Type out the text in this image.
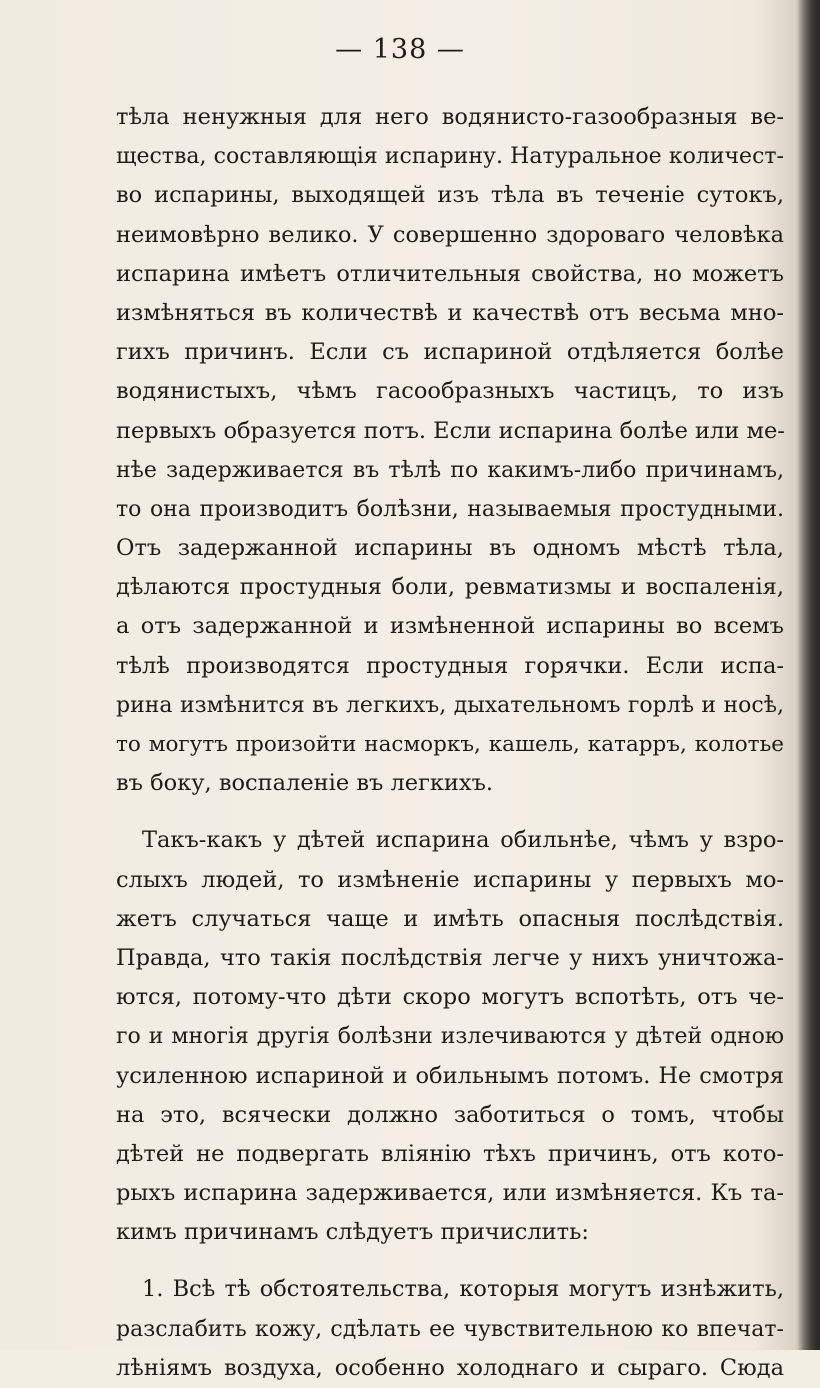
— 138 —
тѣла ненужныя для него водянисто-газообразныя ве-
щества, составляющія испарину. Натуральное количест-
во испарины, выходящей изъ тѣла въ теченіе сутокъ,
неимовѣрно велико. У совершенно здороваго человѣка
испарина имѣетъ отличительныя свойства, но можетъ
измѣняться въ количествѣ и качествѣ отъ весьма мно-
гихъ причинъ. Если съ испариной отдѣляется болѣе
водянистыхъ, чѣмъ гасообразныхъ частицъ, то изъ
первыхъ образуется потъ. Если испарина болѣе или ме-
нѣе задерживается въ тѣлѣ по какимъ-либо причинамъ,
то она производитъ болѣзни, называемыя простудными.
Отъ задержанной испарины въ одномъ мѣстѣ тѣла,
дѣлаются простудныя боли, ревматизмы и воспаленія,
а отъ задержанной и измѣненной испарины во всемъ
тѣлѣ производятся простудныя горячки. Если испа-
рина измѣнится въ легкихъ, дыхательномъ горлѣ и носѣ,
то могутъ произойти насморкъ, кашель, катарръ, колотье
въ боку, воспаленіе въ легкихъ.
Такъ-какъ у дѣтей испарина обильнѣе, чѣмъ у взро-
слыхъ людей, то измѣненіе испарины у первыхъ мо-
жетъ случаться чаще и имѣть опасныя послѣдствія.
Правда, что такія послѣдствія легче у нихъ уничтожа-
ются, потому-что дѣти скоро могутъ вспотѣть, отъ че-
го и многія другія болѣзни излечиваются у дѣтей одною
усиленною испариной и обильнымъ потомъ. Не смотря
на это, всячески должно заботиться о томъ, чтобы
дѣтей не подвергать вліянію тѣхъ причинъ, отъ кото-
рыхъ испарина задерживается, или измѣняется. Къ та-
кимъ причинамъ слѣдуетъ причислить:
1. Всѣ тѣ обстоятельства, которыя могутъ изнѣжить,
разслабить кожу, сдѣлать ее чувствительною ко впечат-
лѣніямъ воздуха, особенно холоднаго и сыраго. Сюда
